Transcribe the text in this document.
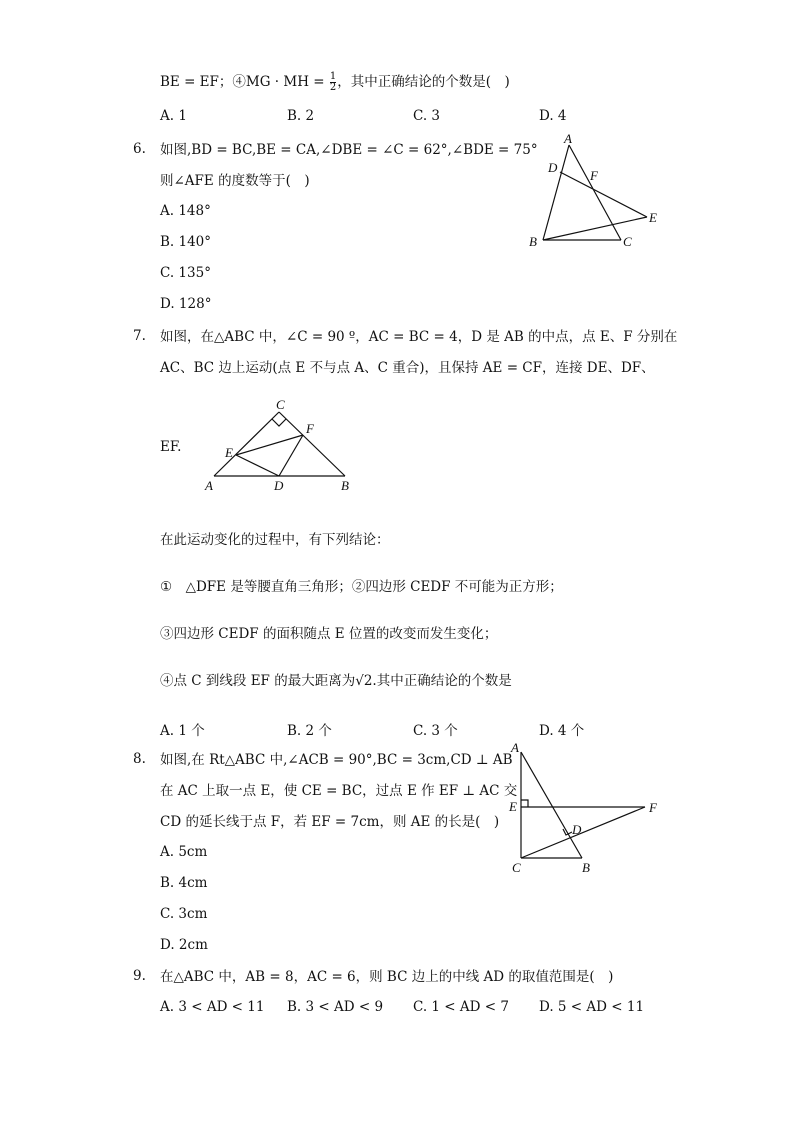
BE = EF；④MG · MH = $\frac{1}{2}$ ，其中正确结论的个数是(　)
A. 1	B. 2	C. 3	D. 4
6. 如图,BD = BC,BE = CA,∠DBE = ∠C = 62°,∠BDE = 75°
则∠AFE 的度数等于(　)
A. 148°
B. 140°
C. 135°
D. 128°
A
D
F
E
B	C
7. 如图，在△ABC 中，∠C = 90 º，AC = BC = 4，D 是 AB 的中点，点 E、F 分别在
AC、BC 边上运动(点 E 不与点 A、C 重合)，且保持 AE = CF，连接 DE、DF、
EF.
C
F
E
A	D	B
在此运动变化的过程中，有下列结论：
①　△DFE 是等腰直角三角形；②四边形 CEDF 不可能为正方形；
③四边形 CEDF 的面积随点 E 位置的改变而发生变化；
④点 C 到线段 EF 的最大距离为√2.其中正确结论的个数是
A. 1 个	B. 2 个	C. 3 个	D. 4 个
8. 如图,在 Rt△ABC 中,∠ACB = 90°,BC = 3cm,CD ⊥ AB
在 AC 上取一点 E，使 CE = BC，过点 E 作 EF ⊥ AC 交
CD 的延长线于点 F，若 EF = 7cm，则 AE 的长是(　)
A. 5cm
B. 4cm
C. 3cm
D. 2cm
A
E	F
D
C	B
9. 在△ABC 中，AB = 8，AC = 6，则 BC 边上的中线 AD 的取值范围是(　)
A. 3 < AD < 11 B. 3 < AD < 9 C. 1 < AD < 7 D. 5 < AD < 11
